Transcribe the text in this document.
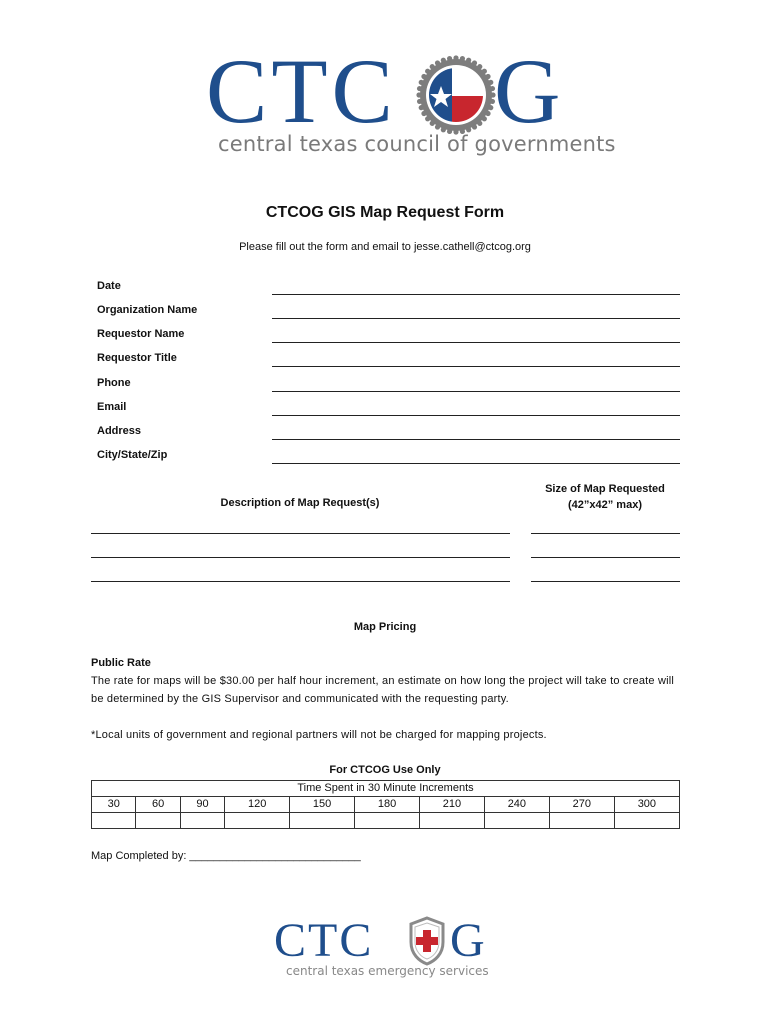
CTC G
central texas council of governments
CTCOG GIS Map Request Form
Please fill out the form and email to jesse.cathell@ctcog.org
Date
Organization Name
Requestor Name
Requestor Title
Phone
Email
Address
City/State/Zip
Description of Map Request(s)
Size of Map Requested
(42”x42” max)
Map Pricing
Public Rate
The rate for maps will be $30.00 per half hour increment, an estimate on how long the project will take to create will be determined by the GIS Supervisor and communicated with the requesting party.
*Local units of government and regional partners will not be charged for mapping projects.
For CTCOG Use Only
Time Spent in 30 Minute Increments									
30	60	90	120	150	180	210	240	270	300

Map Completed by: ____________________________
CTC G
central texas emergency services
